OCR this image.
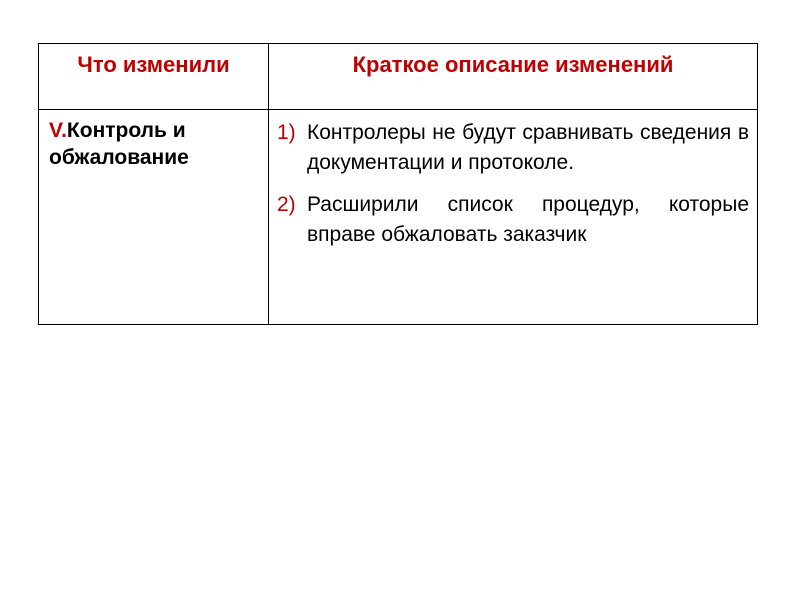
Что изменили	Краткое описание изменений
V.Контроль и обжалование	1) Контролеры не будут сравнивать сведения в документации и протоколе.
2) Расширили список процедур, которые вправе обжаловать заказчик
